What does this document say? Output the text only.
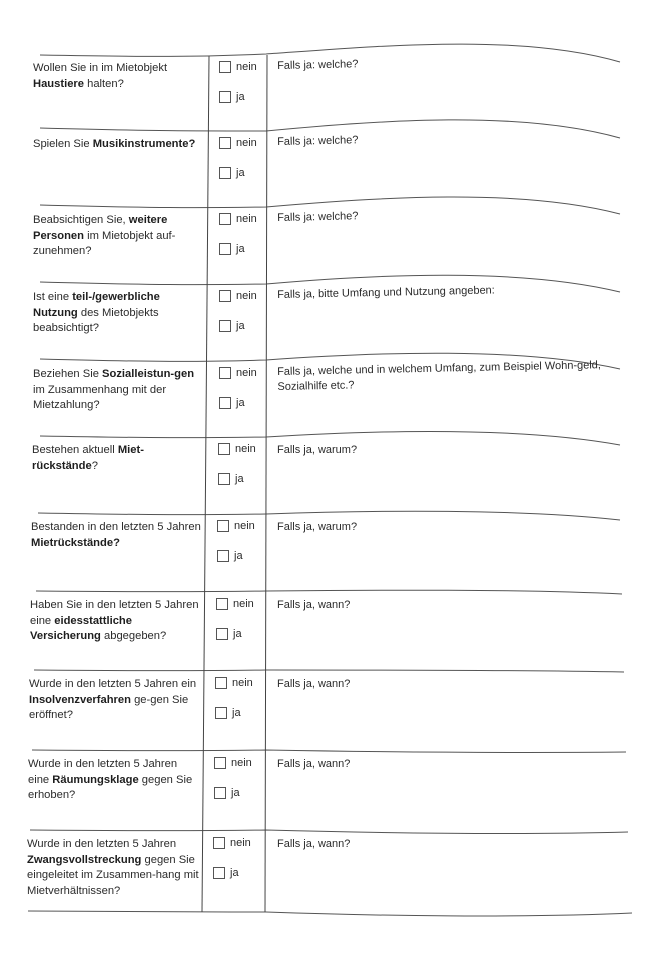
Wollen Sie in im Mietobjekt Haustiere halten?
nein
ja
Falls ja: welche?
Spielen Sie Musikinstrumente?	nein
ja
Falls ja: welche?
Beabsichtigen Sie, weitere Personen im Mietobjekt auf-zunehmen?
nein
ja
Falls ja: welche?
Ist eine teil-/gewerbliche Nutzung des Mietobjekts beabsichtigt?
nein
ja
Falls ja, bitte Umfang und Nutzung angeben:
Beziehen Sie Sozialleistun-gen im Zusammenhang mit der Mietzahlung?
nein
ja
Falls ja, welche und in welchem Umfang, zum Beispiel Wohn-geld, Sozialhilfe etc.?
Bestehen aktuell Miet-rückstände?
nein
ja
Falls ja, warum?
Bestanden in den letzten 5 Jahren Mietrückstände?
nein
ja
Falls ja, warum?
Haben Sie in den letzten 5 Jahren eine eidesstattliche Versicherung abgegeben?
nein
ja
Falls ja, wann?
Wurde in den letzten 5 Jahren ein Insolvenzverfahren ge-gen Sie eröffnet?
nein
ja
Falls ja, wann?
Wurde in den letzten 5 Jahren eine Räumungsklage gegen Sie erhoben?
nein
ja
Falls ja, wann?
Wurde in den letzten 5 Jahren Zwangsvollstreckung gegen Sie eingeleitet im Zusammen-hang mit Mietverhältnissen?
nein
ja
Falls ja, wann?
